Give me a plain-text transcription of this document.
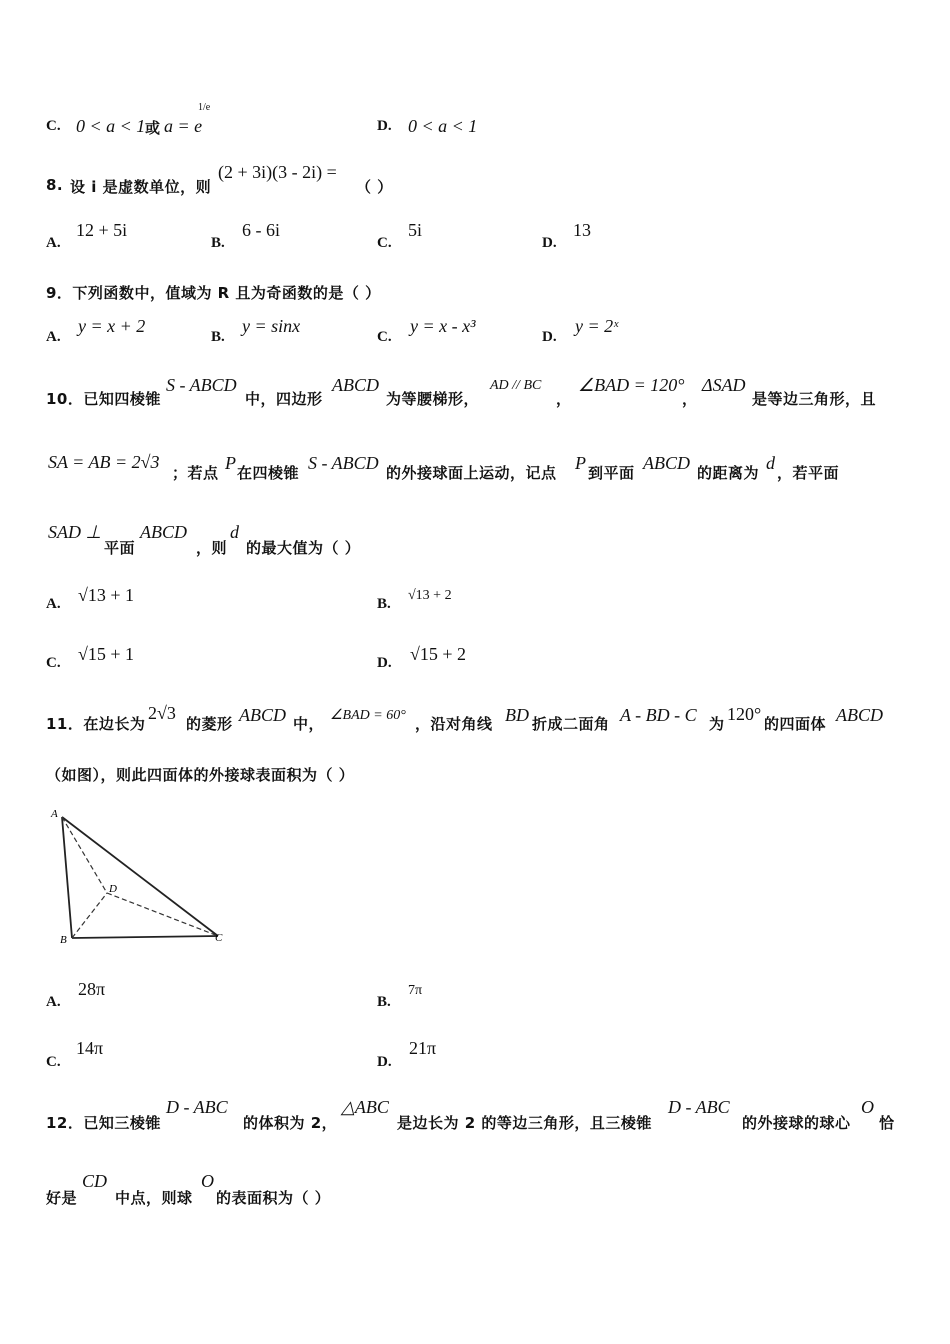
C. 0 < a < 1 或 a = e
1/e
D. 0 < a < 1
8. 设 i 是虚数单位，则
(2 + 3i)(3 - 2i) =
（ ）
A.
12 + 5i
B.
6 - 6i
C.
5i
D.
13
9．下列函数中，值域为 R 且为奇函数的是（ ）
A.
y = x + 2
B.
y = sinx
C.
y = x - x³
D.
y = 2ˣ
10．已知四棱锥
S - ABCD
中，四边形
ABCD
为等腰梯形，
AD // BC
，
∠BAD = 120°
，
ΔSAD
是等边三角形，且
SA = AB = 2√3
；若点 P 在四棱锥 S - ABCD 的外接球面上运动，记点 P 到平面 ABCD 的距离为 d ，若平面
SAD ⊥
平面
ABCD
，则
d
的最大值为（ ）
A. √13 + 1	B.
√13 + 2
C. √15 + 1	D. √15 + 2
11．在边长为
2√3
的菱形 ABCD 中， ∠BAD = 60° ，沿对角线 BD 折成二面角 A - BD - C 为 120° 的四面体 ABCD
（如图），则此四面体的外接球表面积为（ ）
A
B	C
D
A.
28π
B.
7π
C.
14π
D.
21π
12．已知三棱锥
D - ABC
的体积为 2，
△ABC
是边长为 2 的等边三角形，且三棱锥
D - ABC
的外接球的球心
O
恰
好是
CD
中点，则球
O
的表面积为（ ）
